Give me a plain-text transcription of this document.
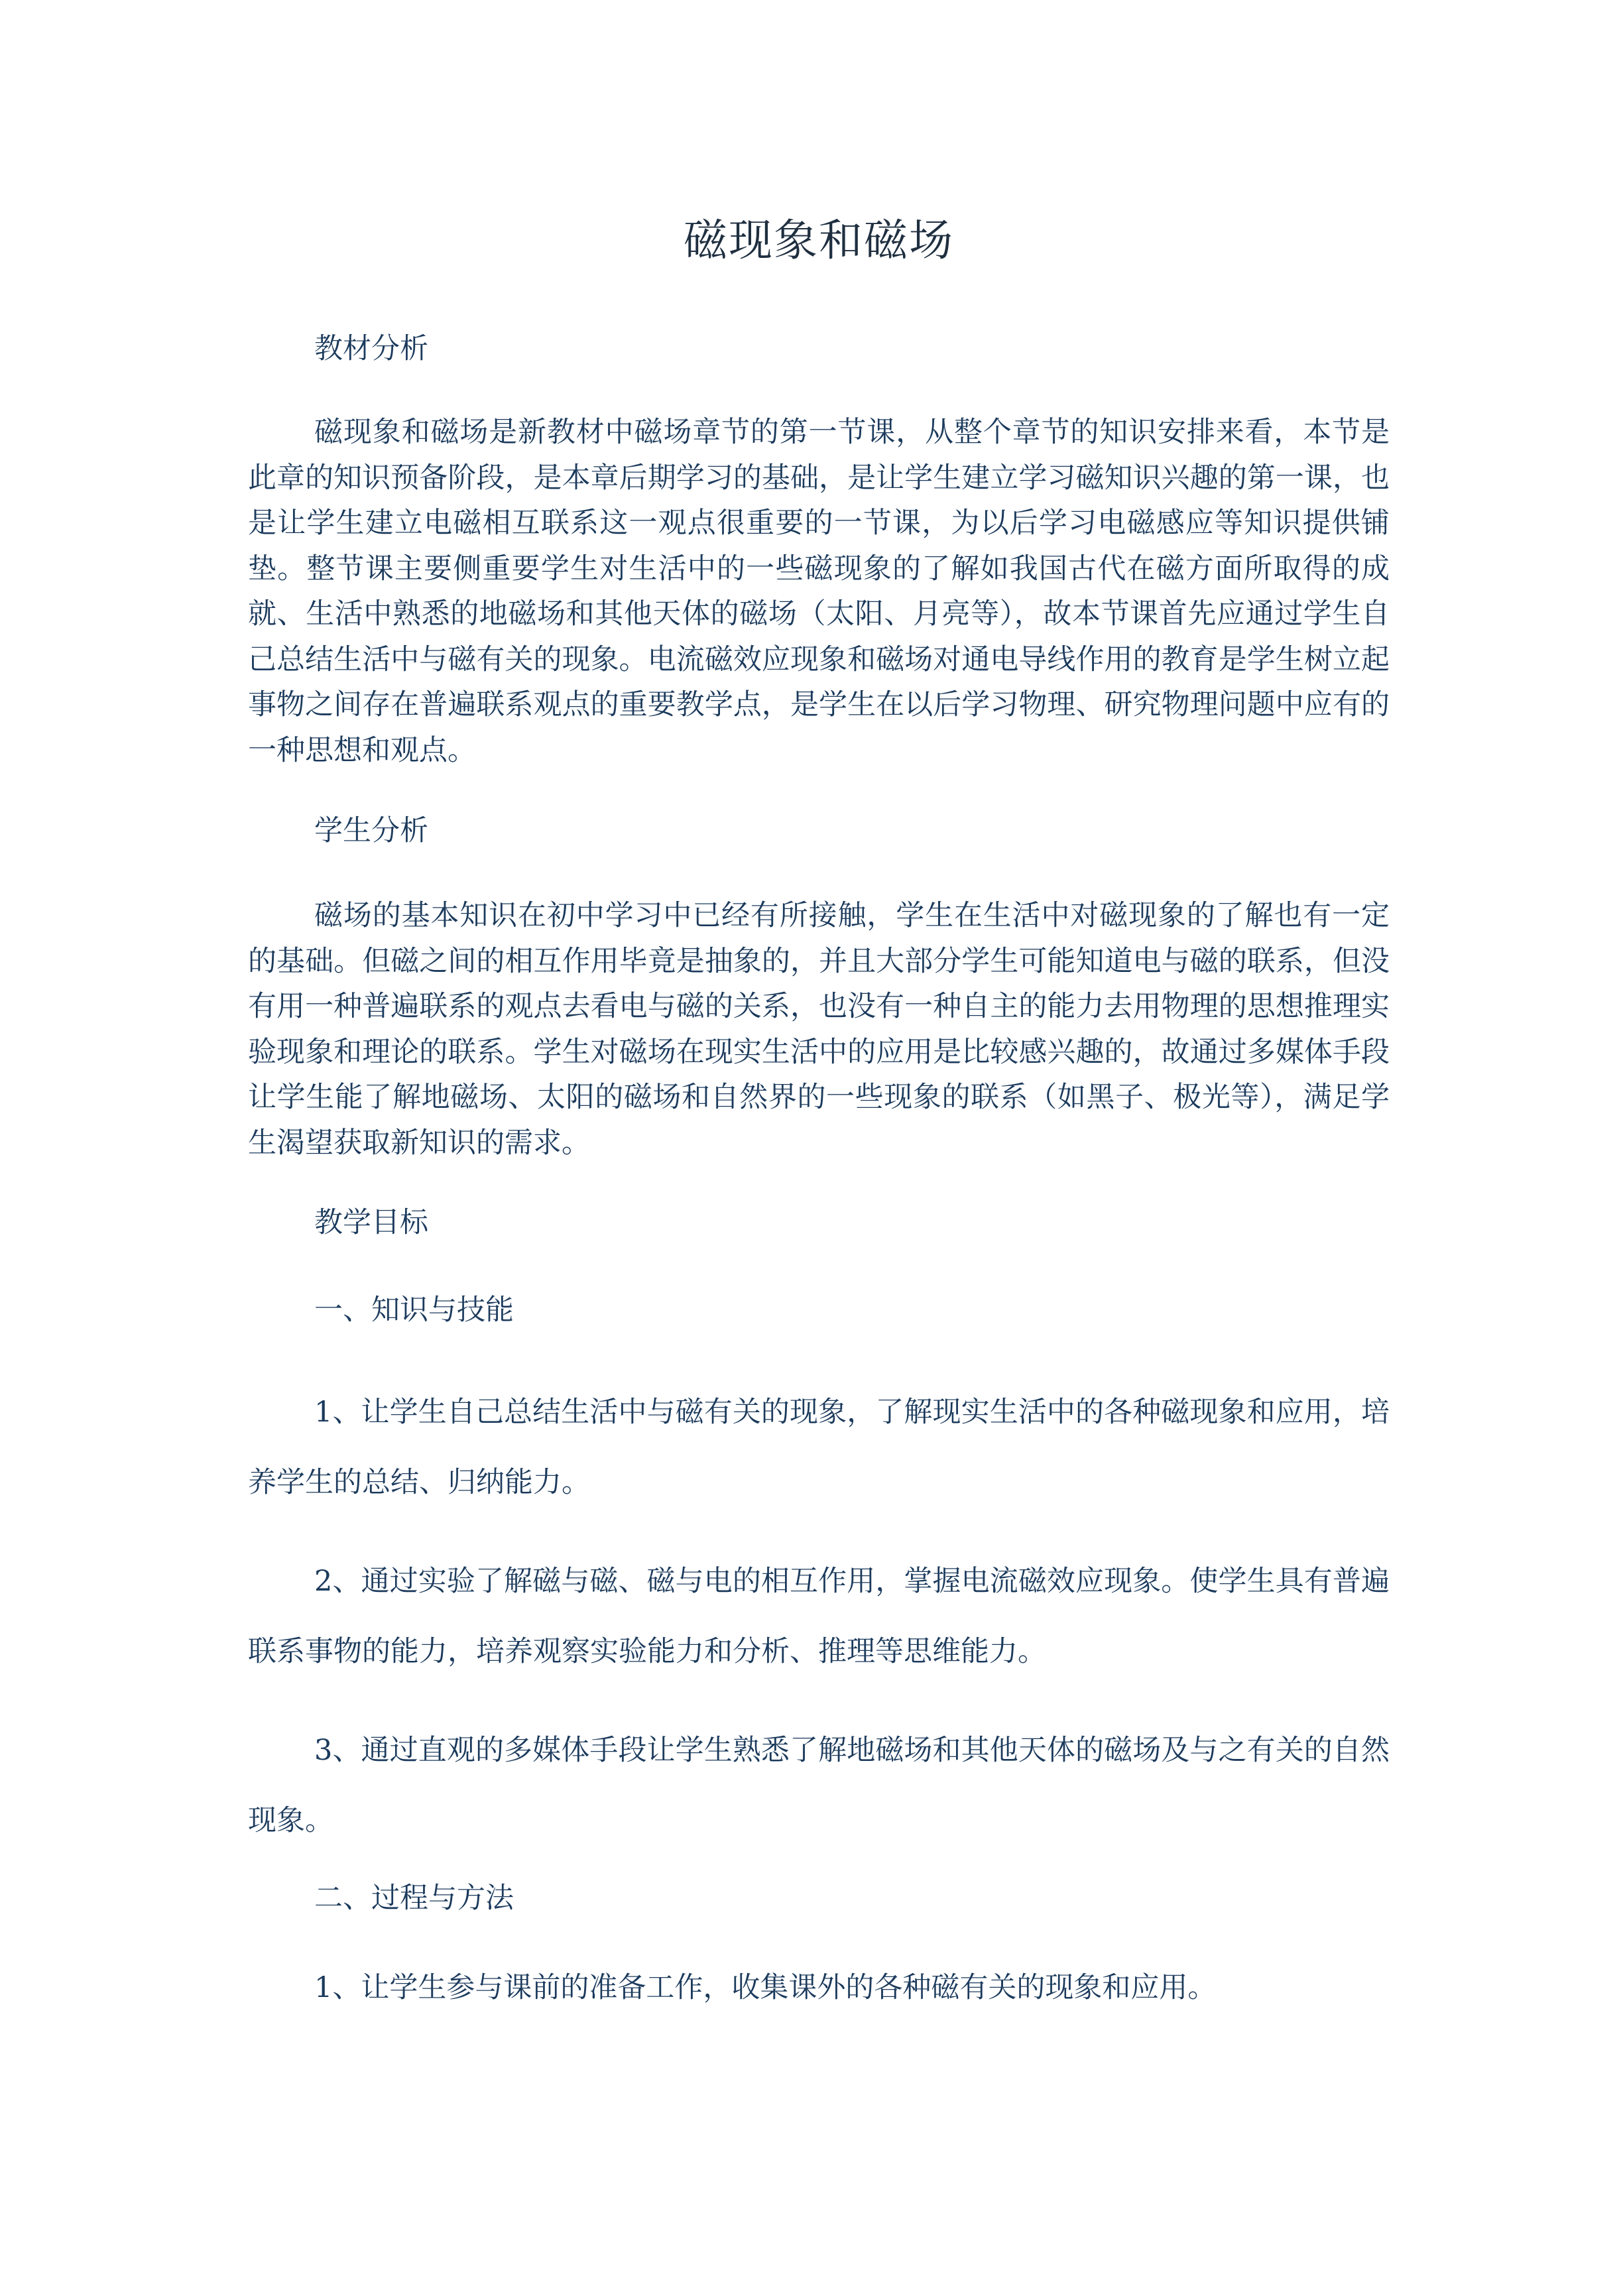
磁现象和磁场
教材分析

磁现象和磁场是新教材中磁场章节的第一节课，从整个章节的知识安排来看，本节是此章的知识预备阶段，是本章后期学习的基础，是让学生建立学习磁知识兴趣的第一课，也是让学生建立电磁相互联系这一观点很重要的一节课，为以后学习电磁感应等知识提供铺垫。整节课主要侧重要学生对生活中的一些磁现象的了解如我国古代在磁方面所取得的成就、生活中熟悉的地磁场和其他天体的磁场（太阳、月亮等），故本节课首先应通过学生自己总结生活中与磁有关的现象。电流磁效应现象和磁场对通电导线作用的教育是学生树立起事物之间存在普遍联系观点的重要教学点，是学生在以后学习物理、研究物理问题中应有的一种思想和观点。

学生分析

磁场的基本知识在初中学习中已经有所接触，学生在生活中对磁现象的了解也有一定的基础。但磁之间的相互作用毕竟是抽象的，并且大部分学生可能知道电与磁的联系，但没有用一种普遍联系的观点去看电与磁的关系，也没有一种自主的能力去用物理的思想推理实验现象和理论的联系。学生对磁场在现实生活中的应用是比较感兴趣的，故通过多媒体手段让学生能了解地磁场、太阳的磁场和自然界的一些现象的联系（如黑子、极光等），满足学生渴望获取新知识的需求。

教学目标
一、知识与技能

1、让学生自己总结生活中与磁有关的现象，了解现实生活中的各种磁现象和应用，培养学生的总结、归纳能力。

2、通过实验了解磁与磁、磁与电的相互作用，掌握电流磁效应现象。使学生具有普遍联系事物的能力，培养观察实验能力和分析、推理等思维能力。

3、通过直观的多媒体手段让学生熟悉了解地磁场和其他天体的磁场及与之有关的自然现象。

二、过程与方法

1、让学生参与课前的准备工作，收集课外的各种磁有关的现象和应用。
